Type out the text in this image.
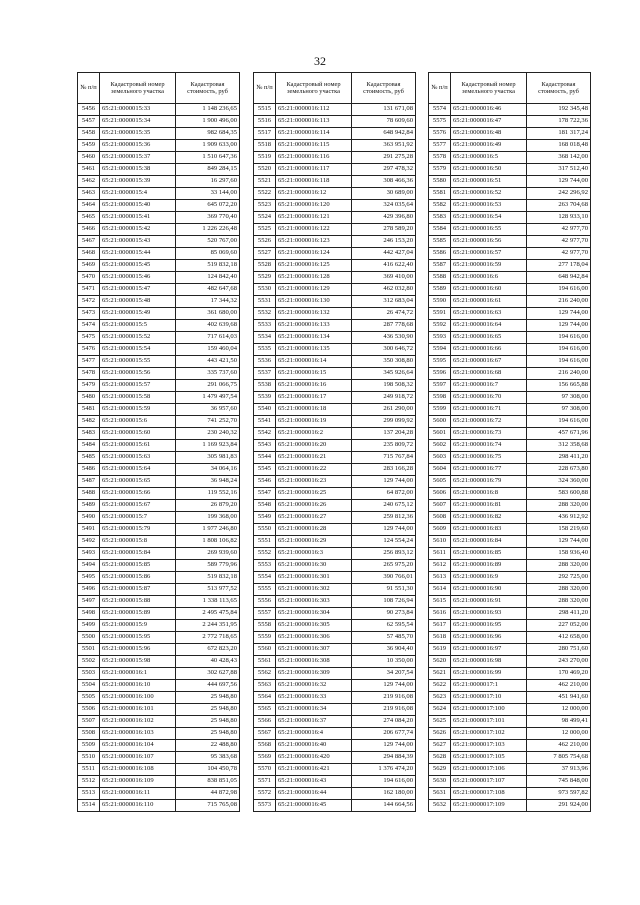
32
№ п/п	Кадастровый номер земельного участка	Кадастровая стоимость, руб
5456	65:21:0000015:33	1 148 236,65
5457	65:21:0000015:34	1 900 496,00
5458	65:21:0000015:35	982 684,35
5459	65:21:0000015:36	1 909 633,00
5460	65:21:0000015:37	1 510 647,36
5461	65:21:0000015:38	849 284,15
5462	65:21:0000015:39	16 297,60
5463	65:21:0000015:4	33 144,00
5464	65:21:0000015:40	645 072,20
5465	65:21:0000015:41	369 770,40
5466	65:21:0000015:42	1 226 226,48
5467	65:21:0000015:43	520 767,00
5468	65:21:0000015:44	85 069,60
5469	65:21:0000015:45	519 832,18
5470	65:21:0000015:46	124 842,40
5471	65:21:0000015:47	482 647,68
5472	65:21:0000015:48	17 344,32
5473	65:21:0000015:49	361 680,00
5474	65:21:0000015:5	402 639,68
5475	65:21:0000015:52	717 614,03
5476	65:21:0000015:54	159 460,04
5477	65:21:0000015:55	443 421,50
5478	65:21:0000015:56	335 737,60
5479	65:21:0000015:57	291 066,75
5480	65:21:0000015:58	1 479 497,54
5481	65:21:0000015:59	36 957,60
5482	65:21:0000015:6	741 252,70
5483	65:21:0000015:60	230 240,32
5484	65:21:0000015:61	1 169 923,84
5485	65:21:0000015:63	305 981,83
5486	65:21:0000015:64	34 064,16
5487	65:21:0000015:65	36 948,24
5488	65:21:0000015:66	119 552,16
5489	65:21:0000015:67	26 879,20
5490	65:21:0000015:7	199 368,00
5491	65:21:0000015:79	1 977 246,80
5492	65:21:0000015:8	1 808 106,82
5493	65:21:0000015:84	269 939,60
5494	65:21:0000015:85	589 779,96
5495	65:21:0000015:86	519 832,18
5496	65:21:0000015:87	513 977,52
5497	65:21:0000015:88	1 338 113,65
5498	65:21:0000015:89	2 495 475,84
5499	65:21:0000015:9	2 244 351,95
5500	65:21:0000015:95	2 772 718,65
5501	65:21:0000015:96	672 823,20
5502	65:21:0000015:98	40 428,43
5503	65:21:0000016:1	302 627,88
5504	65:21:0000016:10	444 697,56
5505	65:21:0000016:100	25 948,80
5506	65:21:0000016:101	25 948,80
5507	65:21:0000016:102	25 948,80
5508	65:21:0000016:103	25 948,80
5509	65:21:0000016:104	22 488,80
5510	65:21:0000016:107	95 383,68
5511	65:21:0000016:108	104 450,78
5512	65:21:0000016:109	838 851,05
5513	65:21:0000016:11	44 872,98
5514	65:21:0000016:110	715 765,08
№ п/п	Кадастровый номер земельного участка	Кадастровая стоимость, руб
5515	65:21:0000016:112	131 671,08
5516	65:21:0000016:113	78 609,60
5517	65:21:0000016:114	648 942,84
5518	65:21:0000016:115	363 951,92
5519	65:21:0000016:116	291 275,28
5520	65:21:0000016:117	297 478,32
5521	65:21:0000016:118	308 466,36
5522	65:21:0000016:12	30 689,00
5523	65:21:0000016:120	324 035,64
5524	65:21:0000016:121	429 396,80
5525	65:21:0000016:122	278 589,20
5526	65:21:0000016:123	246 153,20
5527	65:21:0000016:124	442 427,04
5528	65:21:0000016:125	416 622,40
5529	65:21:0000016:128	369 410,00
5530	65:21:0000016:129	462 032,80
5531	65:21:0000016:130	312 683,04
5532	65:21:0000016:132	26 474,72
5533	65:21:0000016:133	287 778,68
5534	65:21:0000016:134	436 530,90
5535	65:21:0000016:135	300 646,72
5536	65:21:0000016:14	350 308,80
5537	65:21:0000016:15	345 926,64
5538	65:21:0000016:16	198 508,32
5539	65:21:0000016:17	249 918,72
5540	65:21:0000016:18	261 290,00
5541	65:21:0000016:19	299 099,92
5542	65:21:0000016:2	137 204,28
5543	65:21:0000016:20	235 809,72
5544	65:21:0000016:21	715 767,84
5545	65:21:0000016:22	283 166,28
5546	65:21:0000016:23	129 744,00
5547	65:21:0000016:25	64 872,00
5548	65:21:0000016:26	240 675,12
5549	65:21:0000016:27	259 812,36
5550	65:21:0000016:28	129 744,00
5551	65:21:0000016:29	124 554,24
5552	65:21:0000016:3	256 893,12
5553	65:21:0000016:30	265 975,20
5554	65:21:0000016:301	390 766,01
5555	65:21:0000016:302	91 551,30
5556	65:21:0000016:303	108 726,94
5557	65:21:0000016:304	90 273,84
5558	65:21:0000016:305	62 595,54
5559	65:21:0000016:306	57 485,70
5560	65:21:0000016:307	36 904,40
5561	65:21:0000016:308	10 350,00
5562	65:21:0000016:309	34 207,54
5563	65:21:0000016:32	129 744,00
5564	65:21:0000016:33	219 916,08
5565	65:21:0000016:34	219 916,08
5566	65:21:0000016:37	274 084,20
5567	65:21:0000016:4	206 677,74
5568	65:21:0000016:40	129 744,00
5569	65:21:0000016:420	294 884,39
5570	65:21:0000016:421	1 376 474,20
5571	65:21:0000016:43	194 616,00
5572	65:21:0000016:44	162 180,00
5573	65:21:0000016:45	144 664,56
№ п/п	Кадастровый номер земельного участка	Кадастровая стоимость, руб
5574	65:21:0000016:46	192 345,48
5575	65:21:0000016:47	178 722,36
5576	65:21:0000016:48	181 317,24
5577	65:21:0000016:49	168 018,48
5578	65:21:0000016:5	368 142,00
5579	65:21:0000016:50	317 512,40
5580	65:21:0000016:51	129 744,00
5581	65:21:0000016:52	242 296,92
5582	65:21:0000016:53	263 704,68
5583	65:21:0000016:54	128 933,10
5584	65:21:0000016:55	42 977,70
5585	65:21:0000016:56	42 977,70
5586	65:21:0000016:57	42 977,70
5587	65:21:0000016:59	277 178,04
5588	65:21:0000016:6	648 942,84
5589	65:21:0000016:60	194 616,00
5590	65:21:0000016:61	216 240,00
5591	65:21:0000016:63	129 744,00
5592	65:21:0000016:64	129 744,00
5593	65:21:0000016:65	194 616,00
5594	65:21:0000016:66	194 616,00
5595	65:21:0000016:67	194 616,00
5596	65:21:0000016:68	216 240,00
5597	65:21:0000016:7	156 665,88
5598	65:21:0000016:70	97 308,00
5599	65:21:0000016:71	97 308,00
5600	65:21:0000016:72	194 616,00
5601	65:21:0000016:73	457 671,96
5602	65:21:0000016:74	312 358,68
5603	65:21:0000016:75	298 411,20
5604	65:21:0000016:77	228 673,80
5605	65:21:0000016:79	324 360,00
5606	65:21:0000016:8	583 600,88
5607	65:21:0000016:81	288 320,00
5608	65:21:0000016:82	436 912,92
5609	65:21:0000016:83	158 219,60
5610	65:21:0000016:84	129 744,00
5611	65:21:0000016:85	158 936,40
5612	65:21:0000016:89	288 320,00
5613	65:21:0000016:9	292 725,00
5614	65:21:0000016:90	288 320,00
5615	65:21:0000016:91	288 320,00
5616	65:21:0000016:93	298 411,20
5617	65:21:0000016:95	227 052,00
5618	65:21:0000016:96	412 658,00
5619	65:21:0000016:97	280 751,60
5620	65:21:0000016:98	243 270,00
5621	65:21:0000016:99	170 469,20
5622	65:21:0000017:1	462 210,00
5623	65:21:0000017:10	451 941,60
5624	65:21:0000017:100	12 000,00
5625	65:21:0000017:101	98 499,41
5626	65:21:0000017:102	12 000,00
5627	65:21:0000017:103	462 210,00
5628	65:21:0000017:105	7 805 754,68
5629	65:21:0000017:106	37 913,96
5630	65:21:0000017:107	745 848,00
5631	65:21:0000017:108	973 597,82
5632	65:21:0000017:109	291 924,00
